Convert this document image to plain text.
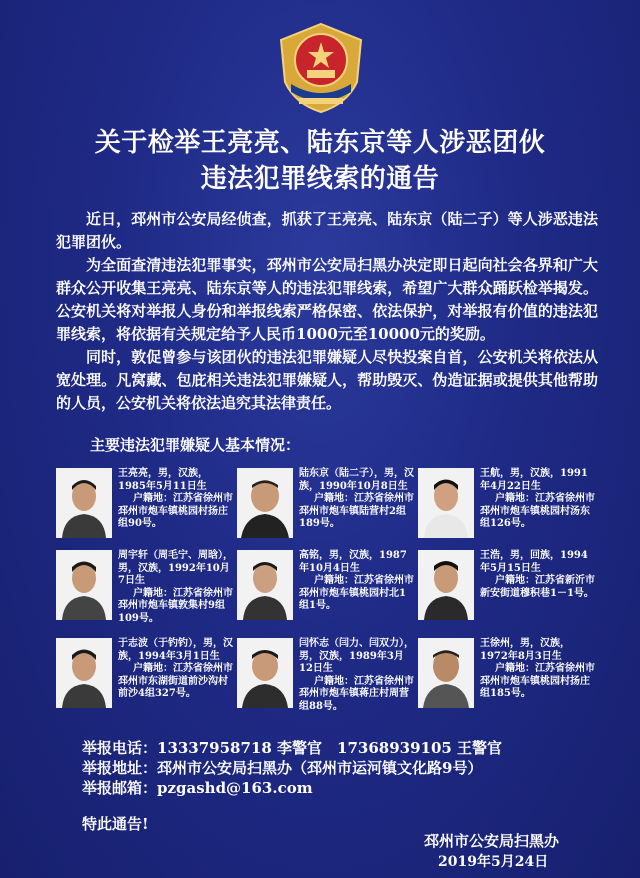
关于检举王亮亮、陆东京等人涉恶团伙
违法犯罪线索的通告

近日，邳州市公安局经侦查，抓获了王亮亮、陆东京（陆二子）等人涉恶违法犯罪团伙。

为全面查清违法犯罪事实，邳州市公安局扫黑办决定即日起向社会各界和广大群众公开收集王亮亮、陆东京等人的违法犯罪线索，希望广大群众踊跃检举揭发。公安机关将对举报人身份和举报线索严格保密、依法保护，对举报有价值的违法犯罪线索，将依据有关规定给予人民币1000元至10000元的奖励。

同时，敦促曾参与该团伙的违法犯罪嫌疑人尽快投案自首，公安机关将依法从宽处理。凡窝藏、包庇相关违法犯罪嫌疑人，帮助毁灭、伪造证据或提供其他帮助的人员，公安机关将依法追究其法律责任。

主要违法犯罪嫌疑人基本情况：
王亮亮，男，汉族，1985年5月11日生
户籍地：江苏省徐州市邳州市炮车镇桃园村扬庄组90号。
陆东京（陆二子），男，汉族，1990年10月8日生
户籍地：江苏省徐州市邳州市炮车镇陆营村2组189号。
王航，男，汉族，1991年4月22日生
户籍地：江苏省徐州市邳州市炮车镇桃园村汤东组126号。
周宇轩（周毛宁、周晗），男，汉族，1992年10月7日生
户籍地：江苏省徐州市邳州市炮车镇敦集村9组109号。
高铭，男，汉族，1987年10月4日生
户籍地：江苏省徐州市邳州市炮车镇桃园村北1组1号。
王浩，男，回族，1994年5月15日生
户籍地：江苏省新沂市新安街道穆积巷1－1号。
于志波（于钓钓），男，汉族，1994年3月1日生
户籍地：江苏省徐州市邳州市东湖街道前沙沟村前沙4组327号。
闫怀志（闫力、闫双力），男，汉族，1989年3月12日生
户籍地：江苏省徐州市邳州市炮车镇蒋庄村周营组88号。
王徐州，男，汉族，1972年8月3日生
户籍地：江苏省徐州市邳州市炮车镇桃园村扬庄组185号。
举报电话：13337958718 李警官　17368939105 王警官
举报地址：邳州市公安局扫黑办（邳州市运河镇文化路9号）
举报邮箱：pzgashd@163.com
特此通告!
邳州市公安局扫黑办
2019年5月24日
